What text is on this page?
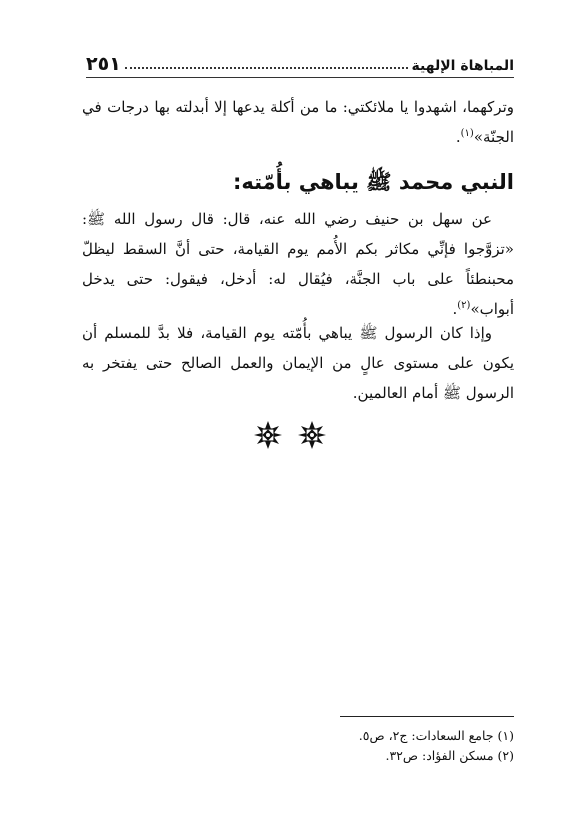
المباهاة الإلهية
٢٥١

وتركهما، اشهدوا يا ملائكتي: ما من أكلة يدعها إلا أبدلته بها درجات في الجنّة»$^{(١)}$.

النبي محمد ﷺ يباهي بأُمّته:

عن سهل بن حنيف رضي الله عنه، قال: قال رسول الله ﷺ: «تزوَّجوا فإنِّي مكاثر بكم الأُمم يوم القيامة، حتى أنَّ السقط ليظلّ محبنطئاً على باب الجنَّة، فيُقال له: أدخل، فيقول: حتى يدخل أبواب»$^{(٢)}$.

وإذا كان الرسول ﷺ يباهي بأُمّته يوم القيامة، فلا بدَّ للمسلم أن يكون على مستوى عالٍ من الإيمان والعمل الصالح حتى يفتخر به الرسول ﷺ أمام العالمين.

(١) جامع السعادات: ج٢، ص٥.

(٢) مسكن الفؤاد: ص٣٢.
